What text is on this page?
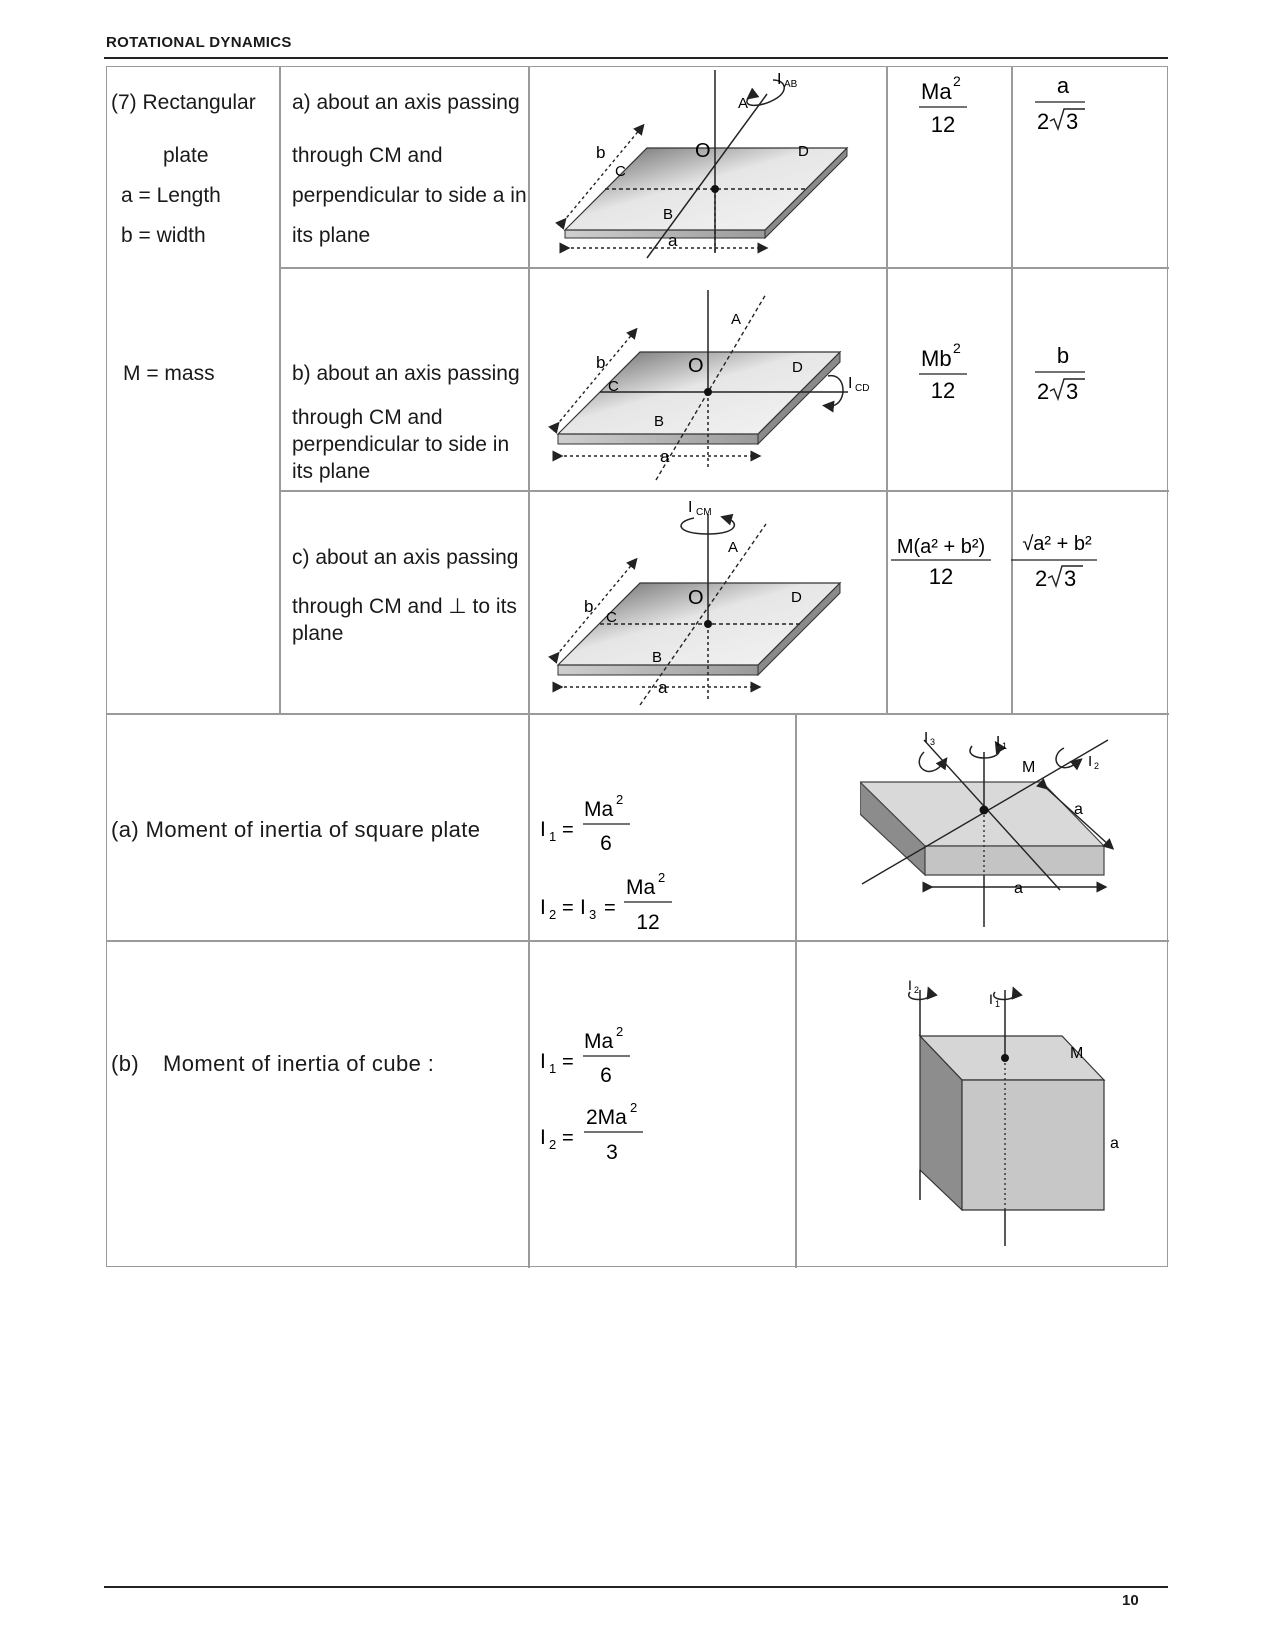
ROTATIONAL DYNAMICS
(7) Rectangular
plate
a = Length
b = width
M = mass
a) about an axis passing
through CM and
perpendicular to side a in
its plane
b) about an axis passing
through CM and
perpendicular to side in
its plane
c) about an axis passing
through CM and ⊥ to its
plane
Ma 2
12
a
2 3
Mb 2
12
b
2 3
M(a² + b²)
12
√a² + b²
2 3
I AB
A
B
C
D
O
a
b
I CD
A
B
C
D
O
a
b
I CM
A
B
C
D
O
a
b
(a) Moment of inertia of square plate	I 1 =
Ma 2
6
I 2 = I 3 =
Ma 2
12
I 1
I 2
I 3
M
a
a
(b) Moment of inertia of cube :	I 1 =
Ma 2
6
I 2 =
2Ma 2
3
I 2
I 1
M
a
10
